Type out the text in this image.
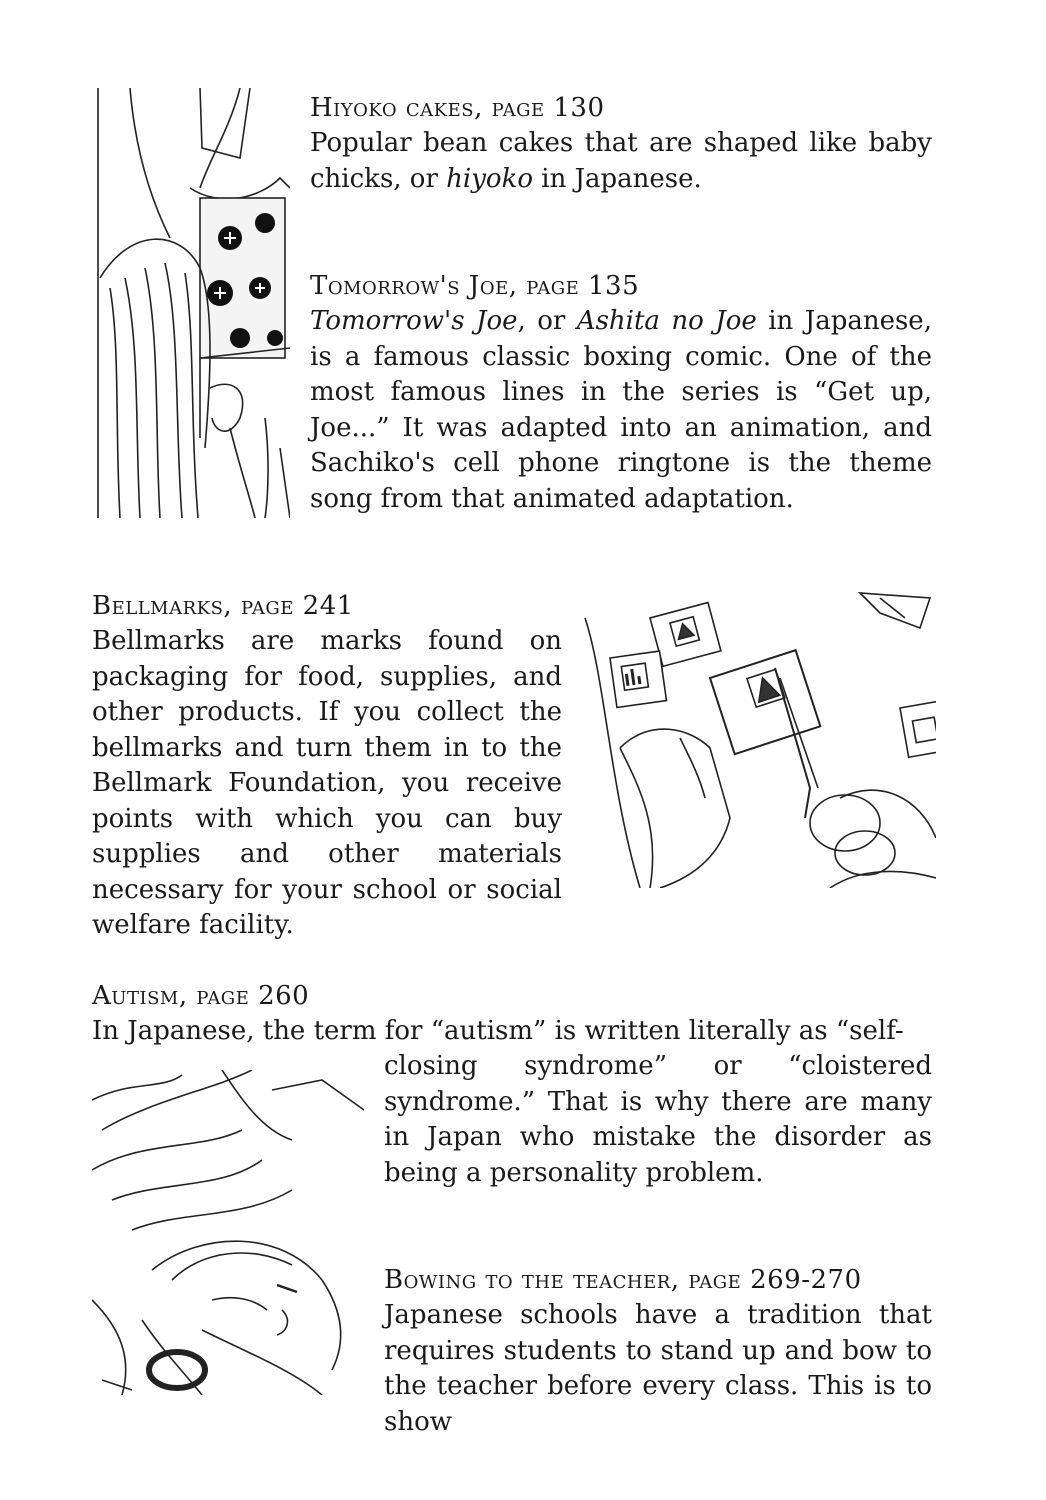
Hiyoko cakes, page 130

Popular bean cakes that are shaped like baby chicks, or hiyoko in Japanese.

Tomorrow's Joe, page 135

Tomorrow's Joe, or Ashita no Joe in Japanese, is a famous classic boxing comic. One of the most famous lines in the series is “Get up, Joe...” It was adapted into an animation, and Sachiko's cell phone ringtone is the theme song from that animated adaptation.

Bellmarks, page 241

Bellmarks are marks found on packaging for food, supplies, and other products. If you collect the bellmarks and turn them in to the Bellmark Foundation, you receive points with which you can buy supplies and other materials necessary for your school or social welfare facility.

Autism, page 260

In Japanese, the term for “autism” is written literally as “self-

closing syndrome” or “cloistered syndrome.” That is why there are many in Japan who mistake the disorder as being a personality problem.

Bowing to the teacher, page 269-270

Japanese schools have a tradition that requires students to stand up and bow to the teacher before every class. This is to show
